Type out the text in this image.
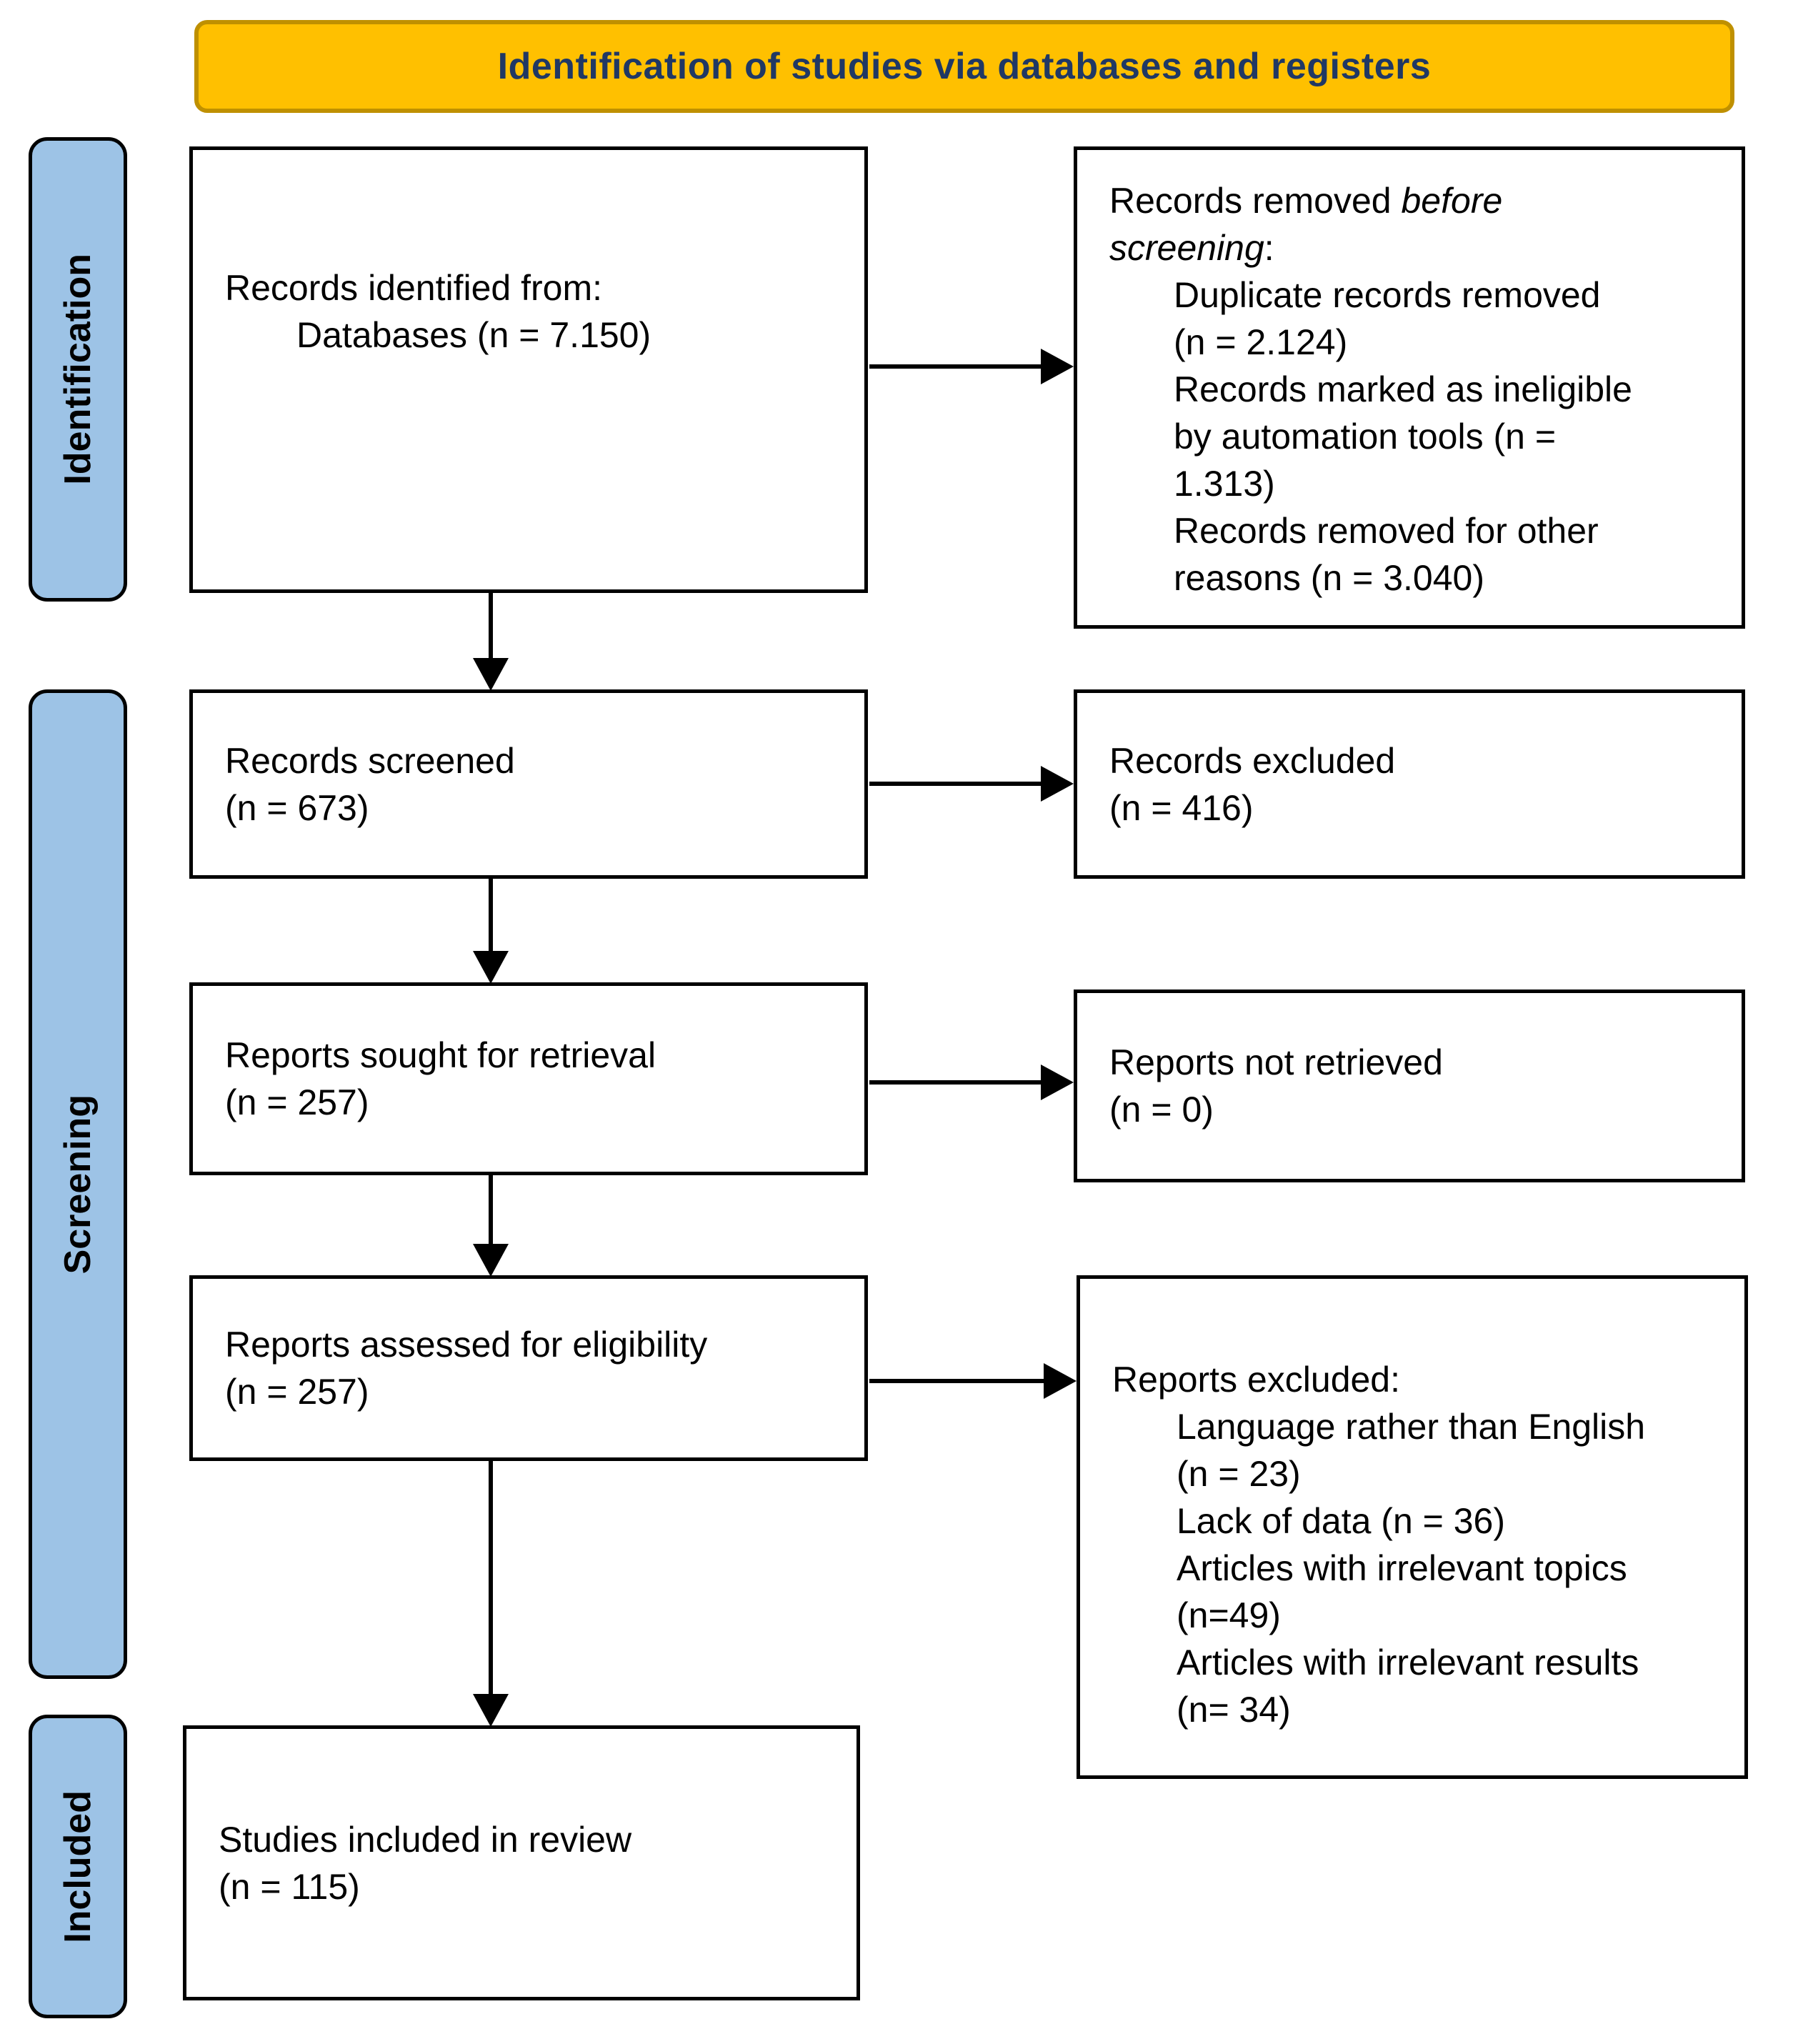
Identification of studies via databases and registers
Identification
Screening
Included
Records identified from:
Databases (n = 7.150)
Records screened
(n = 673)
Reports sought for retrieval
(n = 257)
Reports assessed for eligibility
(n = 257)
Studies included in review
(n = 115)
Records removed before screening:
Duplicate records removed (n = 2.124)
Records marked as ineligible by automation tools (n = 1.313)
Records removed for other reasons (n = 3.040)
Records excluded
(n = 416)
Reports not retrieved
(n = 0)
Reports excluded:
Language rather than English (n = 23)
Lack of data (n = 36)
Articles with irrelevant topics (n=49)
Articles with irrelevant results (n= 34)
